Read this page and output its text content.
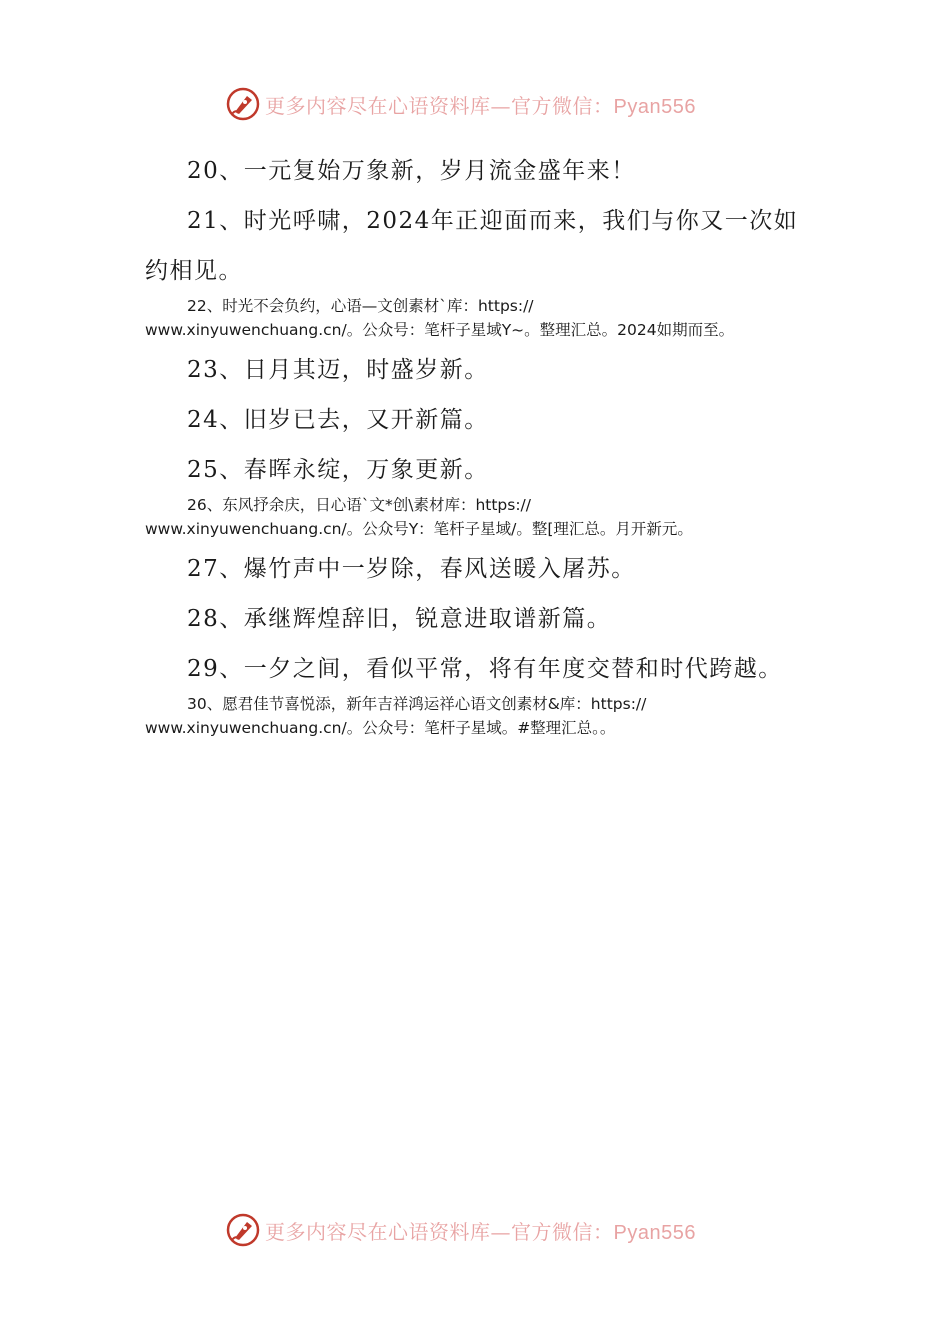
更多内容尽在心语资料库—官方微信：Pyan556
20、一元复始万象新，岁月流金盛年来！
21、时光呼啸，2024年正迎面而来，我们与你又一次如
约相见。
22、时光不会负约，心语—文创素材`库：https://
www.xinyuwenchuang.cn/。公众号：笔杆子星域Y~。整理汇总。2024如期而至。
23、日月其迈，时盛岁新。
24、旧岁已去，又开新篇。
25、春晖永绽，万象更新。
26、东风抒余庆，日心语`文*创\素材库：https://
www.xinyuwenchuang.cn/。公众号Y：笔杆子星域/。整[理汇总。月开新元。
27、爆竹声中一岁除，春风送暖入屠苏。
28、承继辉煌辞旧，锐意进取谱新篇。
29、一夕之间，看似平常，将有年度交替和时代跨越。
30、愿君佳节喜悦添，新年吉祥鸿运祥心语文创素材&库：https://
www.xinyuwenchuang.cn/。公众号：笔杆子星域。#整理汇总。。
更多内容尽在心语资料库—官方微信：Pyan556
